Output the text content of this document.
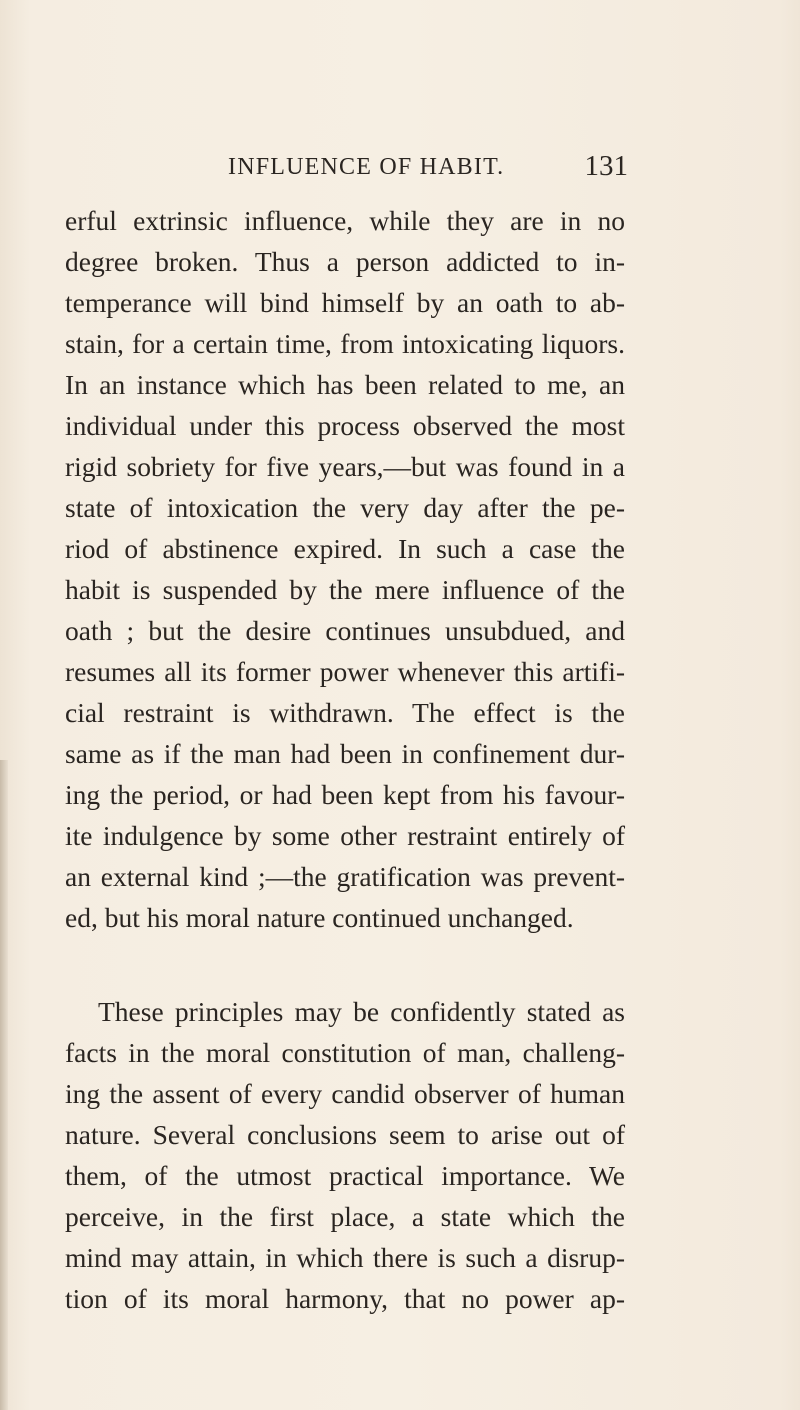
INFLUENCE OF HABIT.	131
erful extrinsic influence, while they are in no
degree broken. Thus a person addicted to in-
temperance will bind himself by an oath to ab-
stain, for a certain time, from intoxicating liquors.
In an instance which has been related to me, an
individual under this process observed the most
rigid sobriety for five years,—but was found in a
state of intoxication the very day after the pe-
riod of abstinence expired. In such a case the
habit is suspended by the mere influence of the
oath ; but the desire continues unsubdued, and
resumes all its former power whenever this artifi-
cial restraint is withdrawn. The effect is the
same as if the man had been in confinement dur-
ing the period, or had been kept from his favour-
ite indulgence by some other restraint entirely of
an external kind ;—the gratification was prevent-
ed, but his moral nature continued unchanged.
These principles may be confidently stated as
facts in the moral constitution of man, challeng-
ing the assent of every candid observer of human
nature. Several conclusions seem to arise out of
them, of the utmost practical importance. We
perceive, in the first place, a state which the
mind may attain, in which there is such a disrup-
tion of its moral harmony, that no power ap-
